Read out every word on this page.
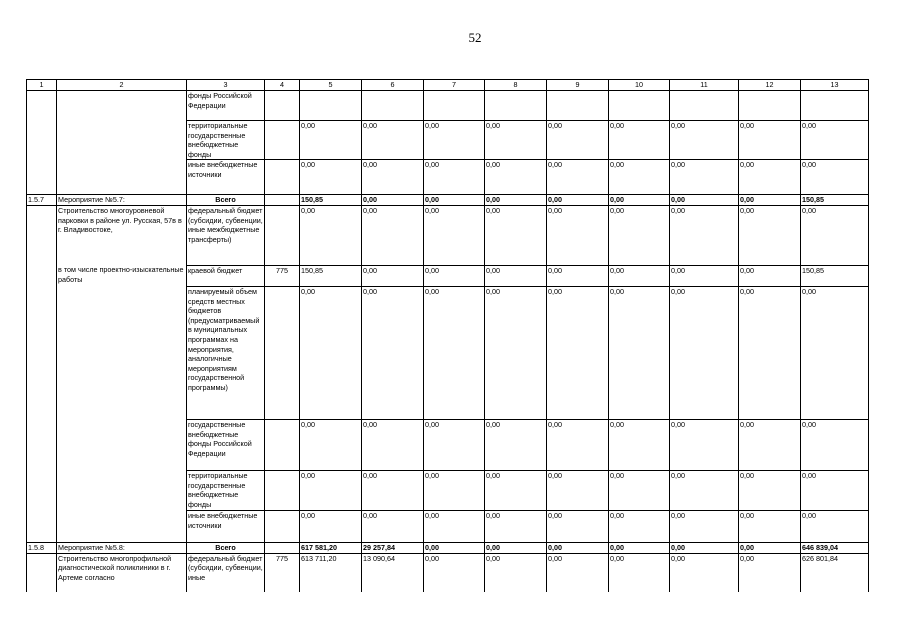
52
1	2	3	4	5	6	7	8	9	10	11	12	13
		фонды Российской Федерации										
		территориальные государственные внебюджетные фонды		0,00	0,00	0,00	0,00	0,00	0,00	0,00	0,00	0,00
		иные внебюджетные источники		0,00	0,00	0,00	0,00	0,00	0,00	0,00	0,00	0,00
1.5.7	Мероприятие №5.7:	Всего		150,85	0,00	0,00	0,00	0,00	0,00	0,00	0,00	150,85
	Строительство многоуровневой парковки в районе ул. Русская, 57в в г. Владивостоке,	федеральный бюджет (субсидии, субвенции, иные межбюджетные трансферты)		0,00	0,00	0,00	0,00	0,00	0,00	0,00	0,00	0,00
	в том числе проектно-изыскательные работы	краевой бюджет	775	150,85	0,00	0,00	0,00	0,00	0,00	0,00	0,00	150,85
		планируемый объем средств местных бюджетов (предусматриваемый в муниципальных программах на мероприятия, аналогичные мероприятиям государственной программы)		0,00	0,00	0,00	0,00	0,00	0,00	0,00	0,00	0,00
		государственные внебюджетные фонды Российской Федерации		0,00	0,00	0,00	0,00	0,00	0,00	0,00	0,00	0,00
		территориальные государственные внебюджетные фонды		0,00	0,00	0,00	0,00	0,00	0,00	0,00	0,00	0,00
		иные внебюджетные источники		0,00	0,00	0,00	0,00	0,00	0,00	0,00	0,00	0,00
1.5.8	Мероприятие №5.8:	Всего		617 581,20	29 257,84	0,00	0,00	0,00	0,00	0,00	0,00	646 839,04
	Строительство многопрофильной диагностической поликлиники в г. Артеме согласно	федеральный бюджет (субсидии, субвенции, иные	775	613 711,20	13 090,64	0,00	0,00	0,00	0,00	0,00	0,00	626 801,84
